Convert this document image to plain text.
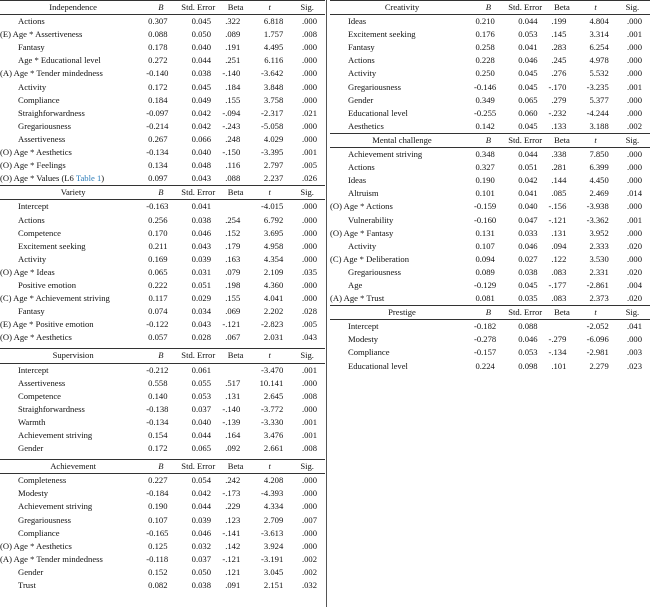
Independence	B	Std. Error	Beta	t	Sig.
Actions	0.307	0.045	.322	6.818	.000
(E) Age * Assertiveness	0.088	0.050	.089	1.757	.008
Fantasy	0.178	0.040	.191	4.495	.000
Age * Educational level	0.272	0.044	.251	6.116	.000
(A) Age * Tender mindedness	-0.140	0.038	-.140	-3.642	.000
Activity	0.172	0.045	.184	3.848	.000
Compliance	0.184	0.049	.155	3.758	.000
Straighforwardness	-0.097	0.042	-.094	-2.317	.021
Gregariousness	-0.214	0.042	-.243	-5.058	.000
Assertiveness	0.267	0.066	.248	4.029	.000
(O) Age * Aesthetics	-0.134	0.040	-.150	-3.395	.001
(O) Age * Feelings	0.134	0.048	.116	2.797	.005
(O) Age * Values (L6 Table 1)	0.097	0.043	.088	2.237	.026
Variety	B	Std. Error	Beta	t	Sig.
Intercept	-0.163	0.041		-4.015	.000
Actions	0.256	0.038	.254	6.792	.000
Competence	0.170	0.046	.152	3.695	.000
Excitement seeking	0.211	0.043	.179	4.958	.000
Activity	0.169	0.039	.163	4.354	.000
(O) Age * Ideas	0.065	0.031	.079	2.109	.035
Positive emotion	0.222	0.051	.198	4.360	.000
(C) Age * Achievement striving	0.117	0.029	.155	4.041	.000
Fantasy	0.074	0.034	.069	2.202	.028
(E) Age * Positive emotion	-0.122	0.043	-.121	-2.823	.005
(O) Age * Aesthetics	0.057	0.028	.067	2.031	.043
Supervision	B	Std. Error	Beta	t	Sig.
Intercept	-0.212	0.061		-3.470	.001
Assertiveness	0.558	0.055	.517	10.141	.000
Competence	0.140	0.053	.131	2.645	.008
Straighforwardness	-0.138	0.037	-.140	-3.772	.000
Warmth	-0.134	0.040	-.139	-3.330	.001
Achievement striving	0.154	0.044	.164	3.476	.001
Gender	0.172	0.065	.092	2.661	.008
Achievement	B	Std. Error	Beta	t	Sig.
Completeness	0.227	0.054	.242	4.208	.000
Modesty	-0.184	0.042	-.173	-4.393	.000
Achievement striving	0.190	0.044	.229	4.334	.000
Gregariousness	0.107	0.039	.123	2.709	.007
Compliance	-0.165	0.046	-.141	-3.613	.000
(O) Age * Aesthetics	0.125	0.032	.142	3.924	.000
(A) Age * Tender mindedness	-0.118	0.037	-.121	-3.191	.002
Gender	0.152	0.050	.121	3.045	.002
Trust	0.082	0.038	.091	2.151	.032
Creativity	B	Std. Error	Beta	t	Sig.
Ideas	0.210	0.044	.199	4.804	.000
Excitement seeking	0.176	0.053	.145	3.314	.001
Fantasy	0.258	0.041	.283	6.254	.000
Actions	0.228	0.046	.245	4.978	.000
Activity	0.250	0.045	.276	5.532	.000
Gregariousness	-0.146	0.045	-.170	-3.235	.001
Gender	0.349	0.065	.279	5.377	.000
Educational level	-0.255	0.060	-.232	-4.244	.000
Aesthetics	0.142	0.045	.133	3.188	.002
Mental challenge	B	Std. Error	Beta	t	Sig.
Achievement striving	0.348	0.044	.338	7.850	.000
Actions	0.327	0.051	.281	6.399	.000
Ideas	0.190	0.042	.144	4.450	.000
Altruism	0.101	0.041	.085	2.469	.014
(O) Age * Actions	-0.159	0.040	-.156	-3.938	.000
Vulnerability	-0.160	0.047	-.121	-3.362	.001
(O) Age * Fantasy	0.131	0.033	.131	3.952	.000
Activity	0.107	0.046	.094	2.333	.020
(C) Age * Deliberation	0.094	0.027	.122	3.530	.000
Gregariousness	0.089	0.038	.083	2.331	.020
Age	-0.129	0.045	-.177	-2.861	.004
(A) Age * Trust	0.081	0.035	.083	2.373	.020
Prestige	B	Std. Error	Beta	t	Sig.
Intercept	-0.182	0.088		-2.052	.041
Modesty	-0.278	0.046	-.279	-6.096	.000
Compliance	-0.157	0.053	-.134	-2.981	.003
Educational level	0.224	0.098	.101	2.279	.023
